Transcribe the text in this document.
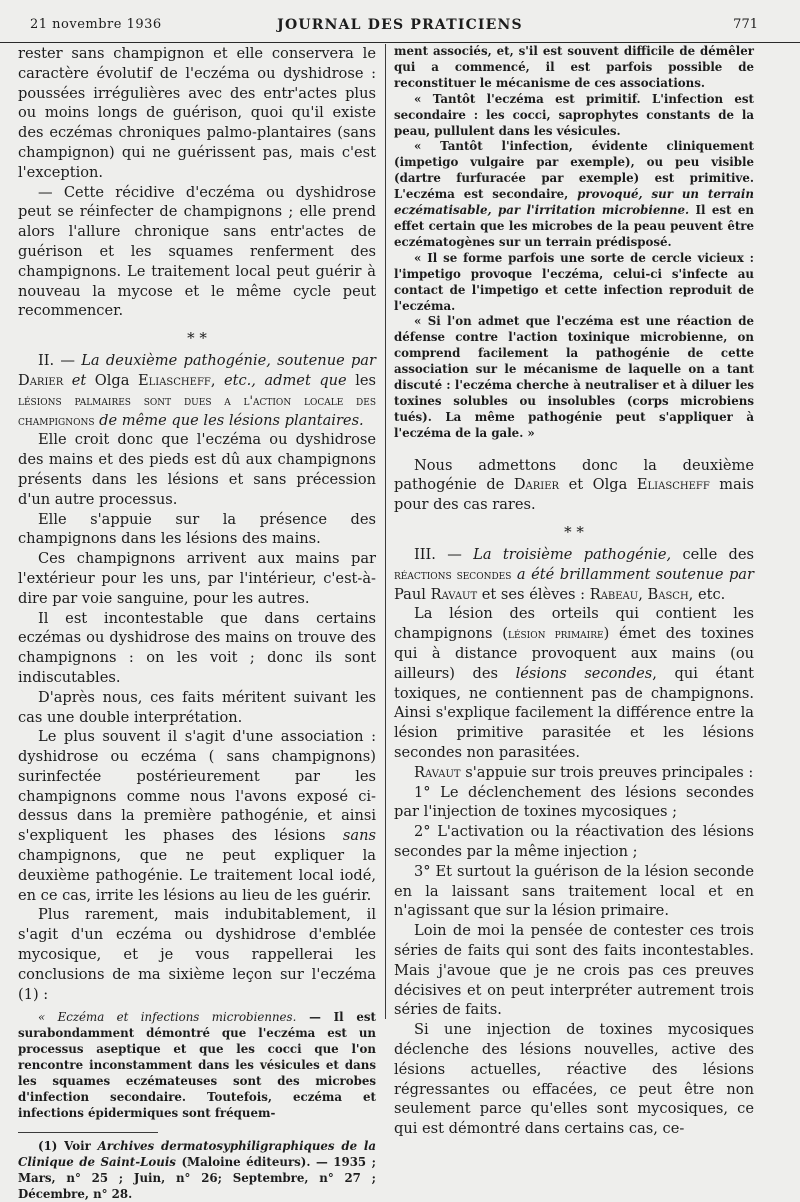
21 novembre 1936	JOURNAL DES PRATICIENS	771

rester sans champignon et elle conservera le caractère évolutif de l'eczéma ou dyshidrose : poussées irrégulières avec des entr'actes plus ou moins longs de guérison, quoi qu'il existe des eczémas chroniques palmo-plantaires (sans champignon) qui ne guérissent pas, mais c'est l'exception.

— Cette récidive d'eczéma ou dyshidrose peut se réinfecter de champignons ; elle prend alors l'allure chronique sans entr'actes de guérison et les squames renferment des champignons. Le traitement local peut guérir à nouveau la mycose et le même cycle peut recommencer.

* *

II. — La deuxième pathogénie, soutenue par Darier et Olga Eliascheff, etc., admet que les lésions palmaires sont dues a l'action locale des champignons de même que les lésions plantaires.

Elle croit donc que l'eczéma ou dyshidrose des mains et des pieds est dû aux champignons présents dans les lésions et sans précession d'un autre processus.

Elle s'appuie sur la présence des champignons dans les lésions des mains.

Ces champignons arrivent aux mains par l'extérieur pour les uns, par l'intérieur, c'est-à-dire par voie sanguine, pour les autres.

Il est incontestable que dans certains eczémas ou dyshidrose des mains on trouve des champignons : on les voit ; donc ils sont indiscutables.

D'après nous, ces faits méritent suivant les cas une double interprétation.

Le plus souvent il s'agit d'une association : dyshidrose ou eczéma ( sans champignons) surinfectée postérieurement par les champignons comme nous l'avons exposé ci-dessus dans la première pathogénie, et ainsi s'expliquent les phases des lésions sans champignons, que ne peut expliquer la deuxième pathogénie. Le traitement local iodé, en ce cas, irrite les lésions au lieu de les guérir.

Plus rarement, mais indubitablement, il s'agit d'un eczéma ou dyshidrose d'emblée mycosique, et je vous rappellerai les conclusions de ma sixième leçon sur l'eczéma (1) :

« Eczéma et infections microbiennes. — Il est surabondamment démontré que l'eczéma est un processus aseptique et que les cocci que l'on rencontre inconstamment dans les vésicules et dans les squames eczémateuses sont des microbes d'infection secondaire. Toutefois, eczéma et infections épidermiques sont fréquem-

(1) Voir Archives dermatosyphiligraphiques de la Clinique de Saint-Louis (Maloine éditeurs). — 1935 ; Mars, n° 25 ; Juin, n° 26; Septembre, n° 27 ; Décembre, n° 28.

ment associés, et, s'il est souvent difficile de démêler qui a commencé, il est parfois possible de reconstituer le mécanisme de ces associations.

« Tantôt l'eczéma est primitif. L'infection est secondaire : les cocci, saprophytes constants de la peau, pullulent dans les vésicules.

« Tantôt l'infection, évidente cliniquement (impetigo vulgaire par exemple), ou peu visible (dartre furfuracée par exemple) est primitive. L'eczéma est secondaire, provoqué, sur un terrain eczématisable, par l'irritation microbienne. Il est en effet certain que les microbes de la peau peuvent être eczématogènes sur un terrain prédisposé.

« Il se forme parfois une sorte de cercle vicieux : l'impetigo provoque l'eczéma, celui-ci s'infecte au contact de l'impetigo et cette infection reproduit de l'eczéma.

« Si l'on admet que l'eczéma est une réaction de défense contre l'action toxinique microbienne, on comprend facilement la pathogénie de cette association sur le mécanisme de laquelle on a tant discuté : l'eczéma cherche à neutraliser et à diluer les toxines solubles ou insolubles (corps microbiens tués). La même pathogénie peut s'appliquer à l'eczéma de la gale. »

Nous admettons donc la deuxième pathogénie de Darier et Olga Eliascheff mais pour des cas rares.

* *

III. — La troisième pathogénie, celle des réactions secondes a été brillamment soutenue par Paul Ravaut et ses élèves : Rabeau, Basch, etc.

La lésion des orteils qui contient les champignons (lésion primaire) émet des toxines qui à distance provoquent aux mains (ou ailleurs) des lésions secondes, qui étant toxiques, ne contiennent pas de champignons. Ainsi s'explique facilement la différence entre la lésion primitive parasitée et les lésions secondes non parasitées.

Ravaut s'appuie sur trois preuves principales :

1° Le déclenchement des lésions secondes par l'injection de toxines mycosiques ;

2° L'activation ou la réactivation des lésions secondes par la même injection ;

3° Et surtout la guérison de la lésion seconde en la laissant sans traitement local et en n'agissant que sur la lésion primaire.

Loin de moi la pensée de contester ces trois séries de faits qui sont des faits incontestables. Mais j'avoue que je ne crois pas ces preuves décisives et on peut interpréter autrement trois séries de faits.

Si une injection de toxines mycosiques déclenche des lésions nouvelles, active des lésions actuelles, réactive des lésions régressantes ou effacées, ce peut être non seulement parce qu'elles sont mycosiques, ce qui est démontré dans certains cas, ce-
